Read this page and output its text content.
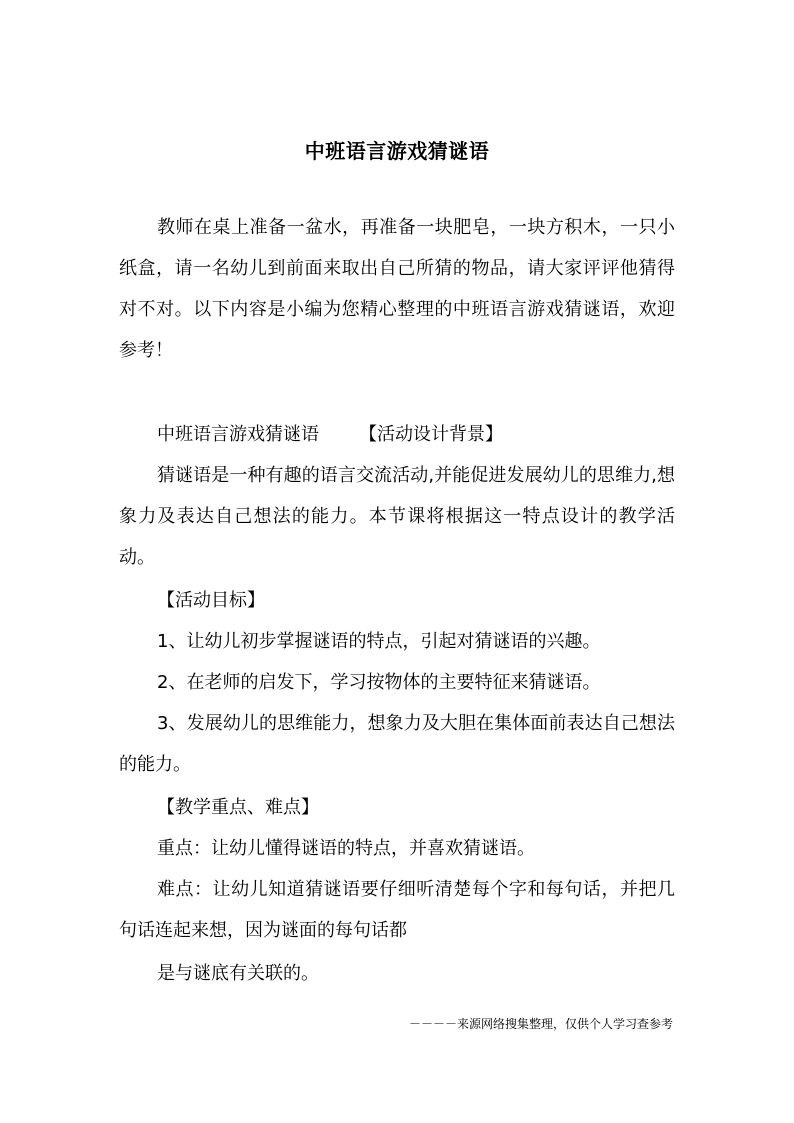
中班语言游戏猜谜语

教师在桌上准备一盆水，再准备一块肥皂，一块方积木，一只小纸盒，请一名幼儿到前面来取出自己所猜的物品，请大家评评他猜得对不对。以下内容是小编为您精心整理的中班语言游戏猜谜语，欢迎参考！

中班语言游戏猜谜语 【活动设计背景】

猜谜语是一种有趣的语言交流活动,并能促进发展幼儿的思维力,想象力及表达自己想法的能力。本节课将根据这一特点设计的教学活动。

【活动目标】
1、让幼儿初步掌握谜语的特点，引起对猜谜语的兴趣。
2、在老师的启发下，学习按物体的主要特征来猜谜语。

3、发展幼儿的思维能力，想象力及大胆在集体面前表达自己想法的能力。

【教学重点、难点】
重点：让幼儿懂得谜语的特点，并喜欢猜谜语。

难点：让幼儿知道猜谜语要仔细听清楚每个字和每句话，并把几句话连起来想，因为谜面的每句话都

是与谜底有关联的。
－－－－来源网络搜集整理，仅供个人学习查参考
